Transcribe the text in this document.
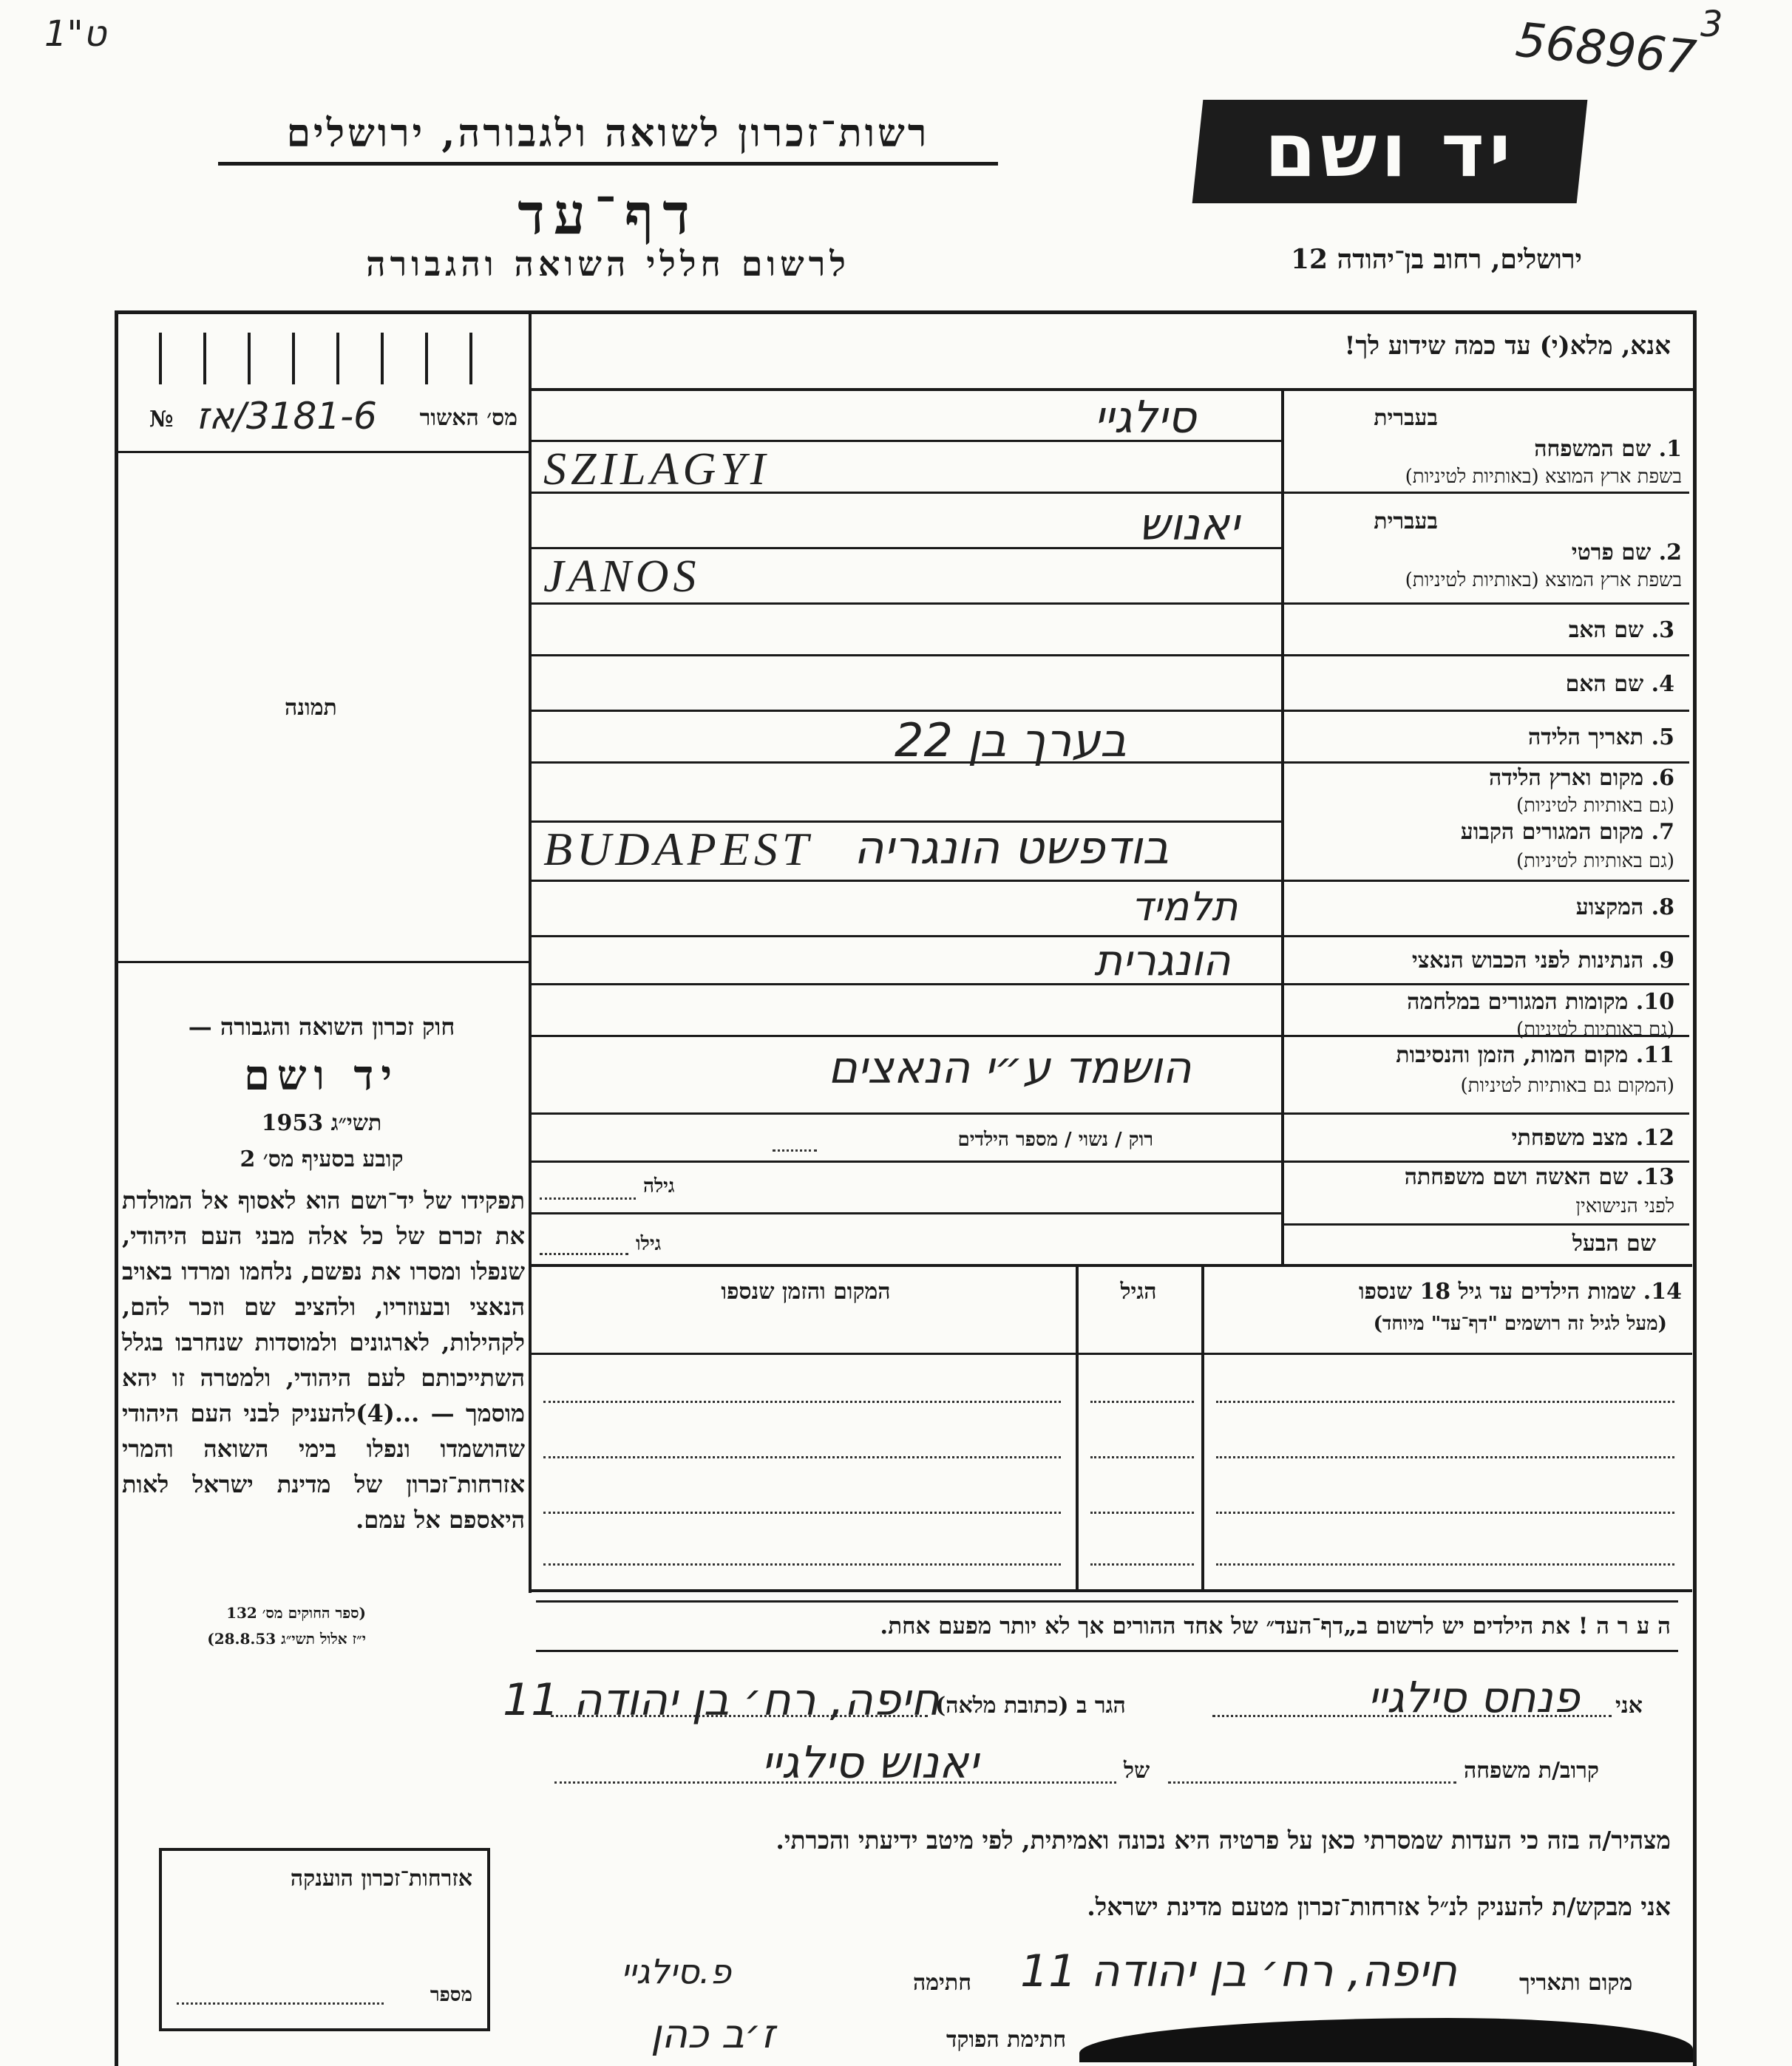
1"ט	568967 3
רשות־זכרון לשואה ולגבורה, ירושלים
דף־עד
לרשום חללי השואה והגבורה
יד ושם
ירושלים, רחוב בן־יהודה 12
מס׳ האשור
3181-6/אז
№
תמונה

חוק זכרון השואה והגבורה —

יד ושם

תשי״ג 1953

קובע בסעיף מס׳ 2

תפקידו של יד־ושם הוא לאסוף אל המולדת את זכרם של כל אלה מבני העם היהודי, שנפלו ומסרו את נפשם, נלחמו ומרדו באויב הנאצי ובעוזריו, ולהציב שם וזכר להם, לקהילות, לארגונים ולמוסדות שנחרבו בגלל השתייכותם לעם היהודי, ולמטרה זו יהא מוסמך — ...(4)להעניק לבני העם היהודי שהושמדו ונפלו בימי השואה והמרי אזרחות־זכרון של מדינת ישראל לאות היאספם אל עמם.
(ספר החוקים מס׳ 132
י״ז אלול תשי״ג 28.8.53)
אנא, מלא(י) עד כמה שידוע לך!
בעברית
1. שם המשפחה
בשפת ארץ המוצא (באותיות לטיניות)
סילגיי
SZILAGYI
בעברית
2. שם פרטי
בשפת ארץ המוצא (באותיות לטיניות)
יאנוש
JANOS
3. שם האב
4. שם האם
5. תאריך הלידה
בערך בן 22
6. מקום וארץ הלידה
(גם באותיות לטיניות)
7. מקום המגורים הקבוע
(גם באותיות לטיניות)
בודפשט הונגריה
BUDAPEST
8. המקצוע
תלמיד
9. הנתינות לפני הכבוש הנאצי
הונגרית
10. מקומות המגורים במלחמה
(גם באותיות לטיניות)
11. מקום המות, הזמן והנסיבות
(המקום גם באותיות לטיניות)
הושמד ע״י הנאצים
12. מצב משפחתי
רוק / נשוי / מספר הילדים
13. שם האשה ושם משפחתה
לפני הנישואין
גילה
שם הבעל
גילו
14. שמות הילדים עד גיל 18 שנספו
(מעל לגיל זה רושמים "דף־עד" מיוחד)
הגיל
המקום והזמן שנספו
ה ע ר ה ! את הילדים יש לרשום ב„דף־העד״ של אחד ההורים אך לא יותר מפעם אחת.
אני
פנחס סילגיי
הגר ב (כתובת מלאה)
חיפה, רח׳ בן יהודה 11
קרוב/ת משפחה
של
יאנוש סילגיי
מצהיר/ה בזה כי העדות שמסרתי כאן על פרטיה היא נכונה ואמיתית, לפי מיטב ידיעתי והכרתי.
אני מבקש/ת להעניק לנ״ל אזרחות־זכרון מטעם מדינת ישראל.
מקום ותאריך
חיפה, רח׳ בן יהודה 11
חתימה
פ.סילגיי
חתימת הפוקד
ז׳ב כהן
אזרחות־זכרון הוענקה
מספר
